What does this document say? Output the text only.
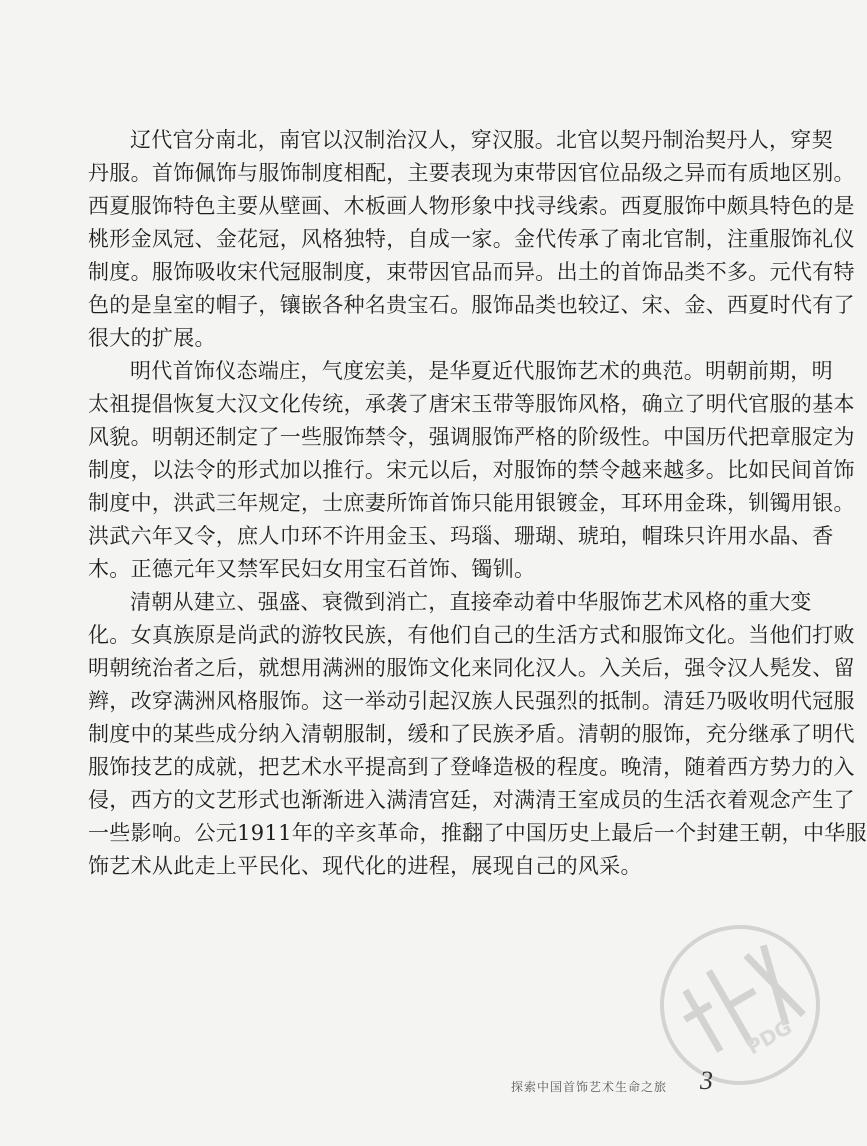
辽代官分南北，南官以汉制治汉人，穿汉服。北官以契丹制治契丹人，穿契
丹服。首饰佩饰与服饰制度相配，主要表现为束带因官位品级之异而有质地区别。
西夏服饰特色主要从壁画、木板画人物形象中找寻线索。西夏服饰中颇具特色的是
桃形金凤冠、金花冠，风格独特，自成一家。金代传承了南北官制，注重服饰礼仪
制度。服饰吸收宋代冠服制度，束带因官品而异。出土的首饰品类不多。元代有特
色的是皇室的帽子，镶嵌各种名贵宝石。服饰品类也较辽、宋、金、西夏时代有了
很大的扩展。
明代首饰仪态端庄，气度宏美，是华夏近代服饰艺术的典范。明朝前期，明
太祖提倡恢复大汉文化传统，承袭了唐宋玉带等服饰风格，确立了明代官服的基本
风貌。明朝还制定了一些服饰禁令，强调服饰严格的阶级性。中国历代把章服定为
制度，以法令的形式加以推行。宋元以后，对服饰的禁令越来越多。比如民间首饰
制度中，洪武三年规定，士庶妻所饰首饰只能用银镀金，耳环用金珠，钏镯用银。
洪武六年又令，庶人巾环不许用金玉、玛瑙、珊瑚、琥珀，帽珠只许用水晶、香
木。正德元年又禁军民妇女用宝石首饰、镯钏。
清朝从建立、强盛、衰微到消亡，直接牵动着中华服饰艺术风格的重大变
化。女真族原是尚武的游牧民族，有他们自己的生活方式和服饰文化。当他们打败
明朝统治者之后，就想用满洲的服饰文化来同化汉人。入关后，强令汉人髡发、留
辫，改穿满洲风格服饰。这一举动引起汉族人民强烈的抵制。清廷乃吸收明代冠服
制度中的某些成分纳入清朝服制，缓和了民族矛盾。清朝的服饰，充分继承了明代
服饰技艺的成就，把艺术水平提高到了登峰造极的程度。晚清，随着西方势力的入
侵，西方的文艺形式也渐渐进入满清宫廷，对满清王室成员的生活衣着观念产生了
一些影响。公元1911年的辛亥革命，推翻了中国历史上最后一个封建王朝，中华服
饰艺术从此走上平民化、现代化的进程，展现自己的风采。
PDG
探索中国首饰艺术生命之旅 3
